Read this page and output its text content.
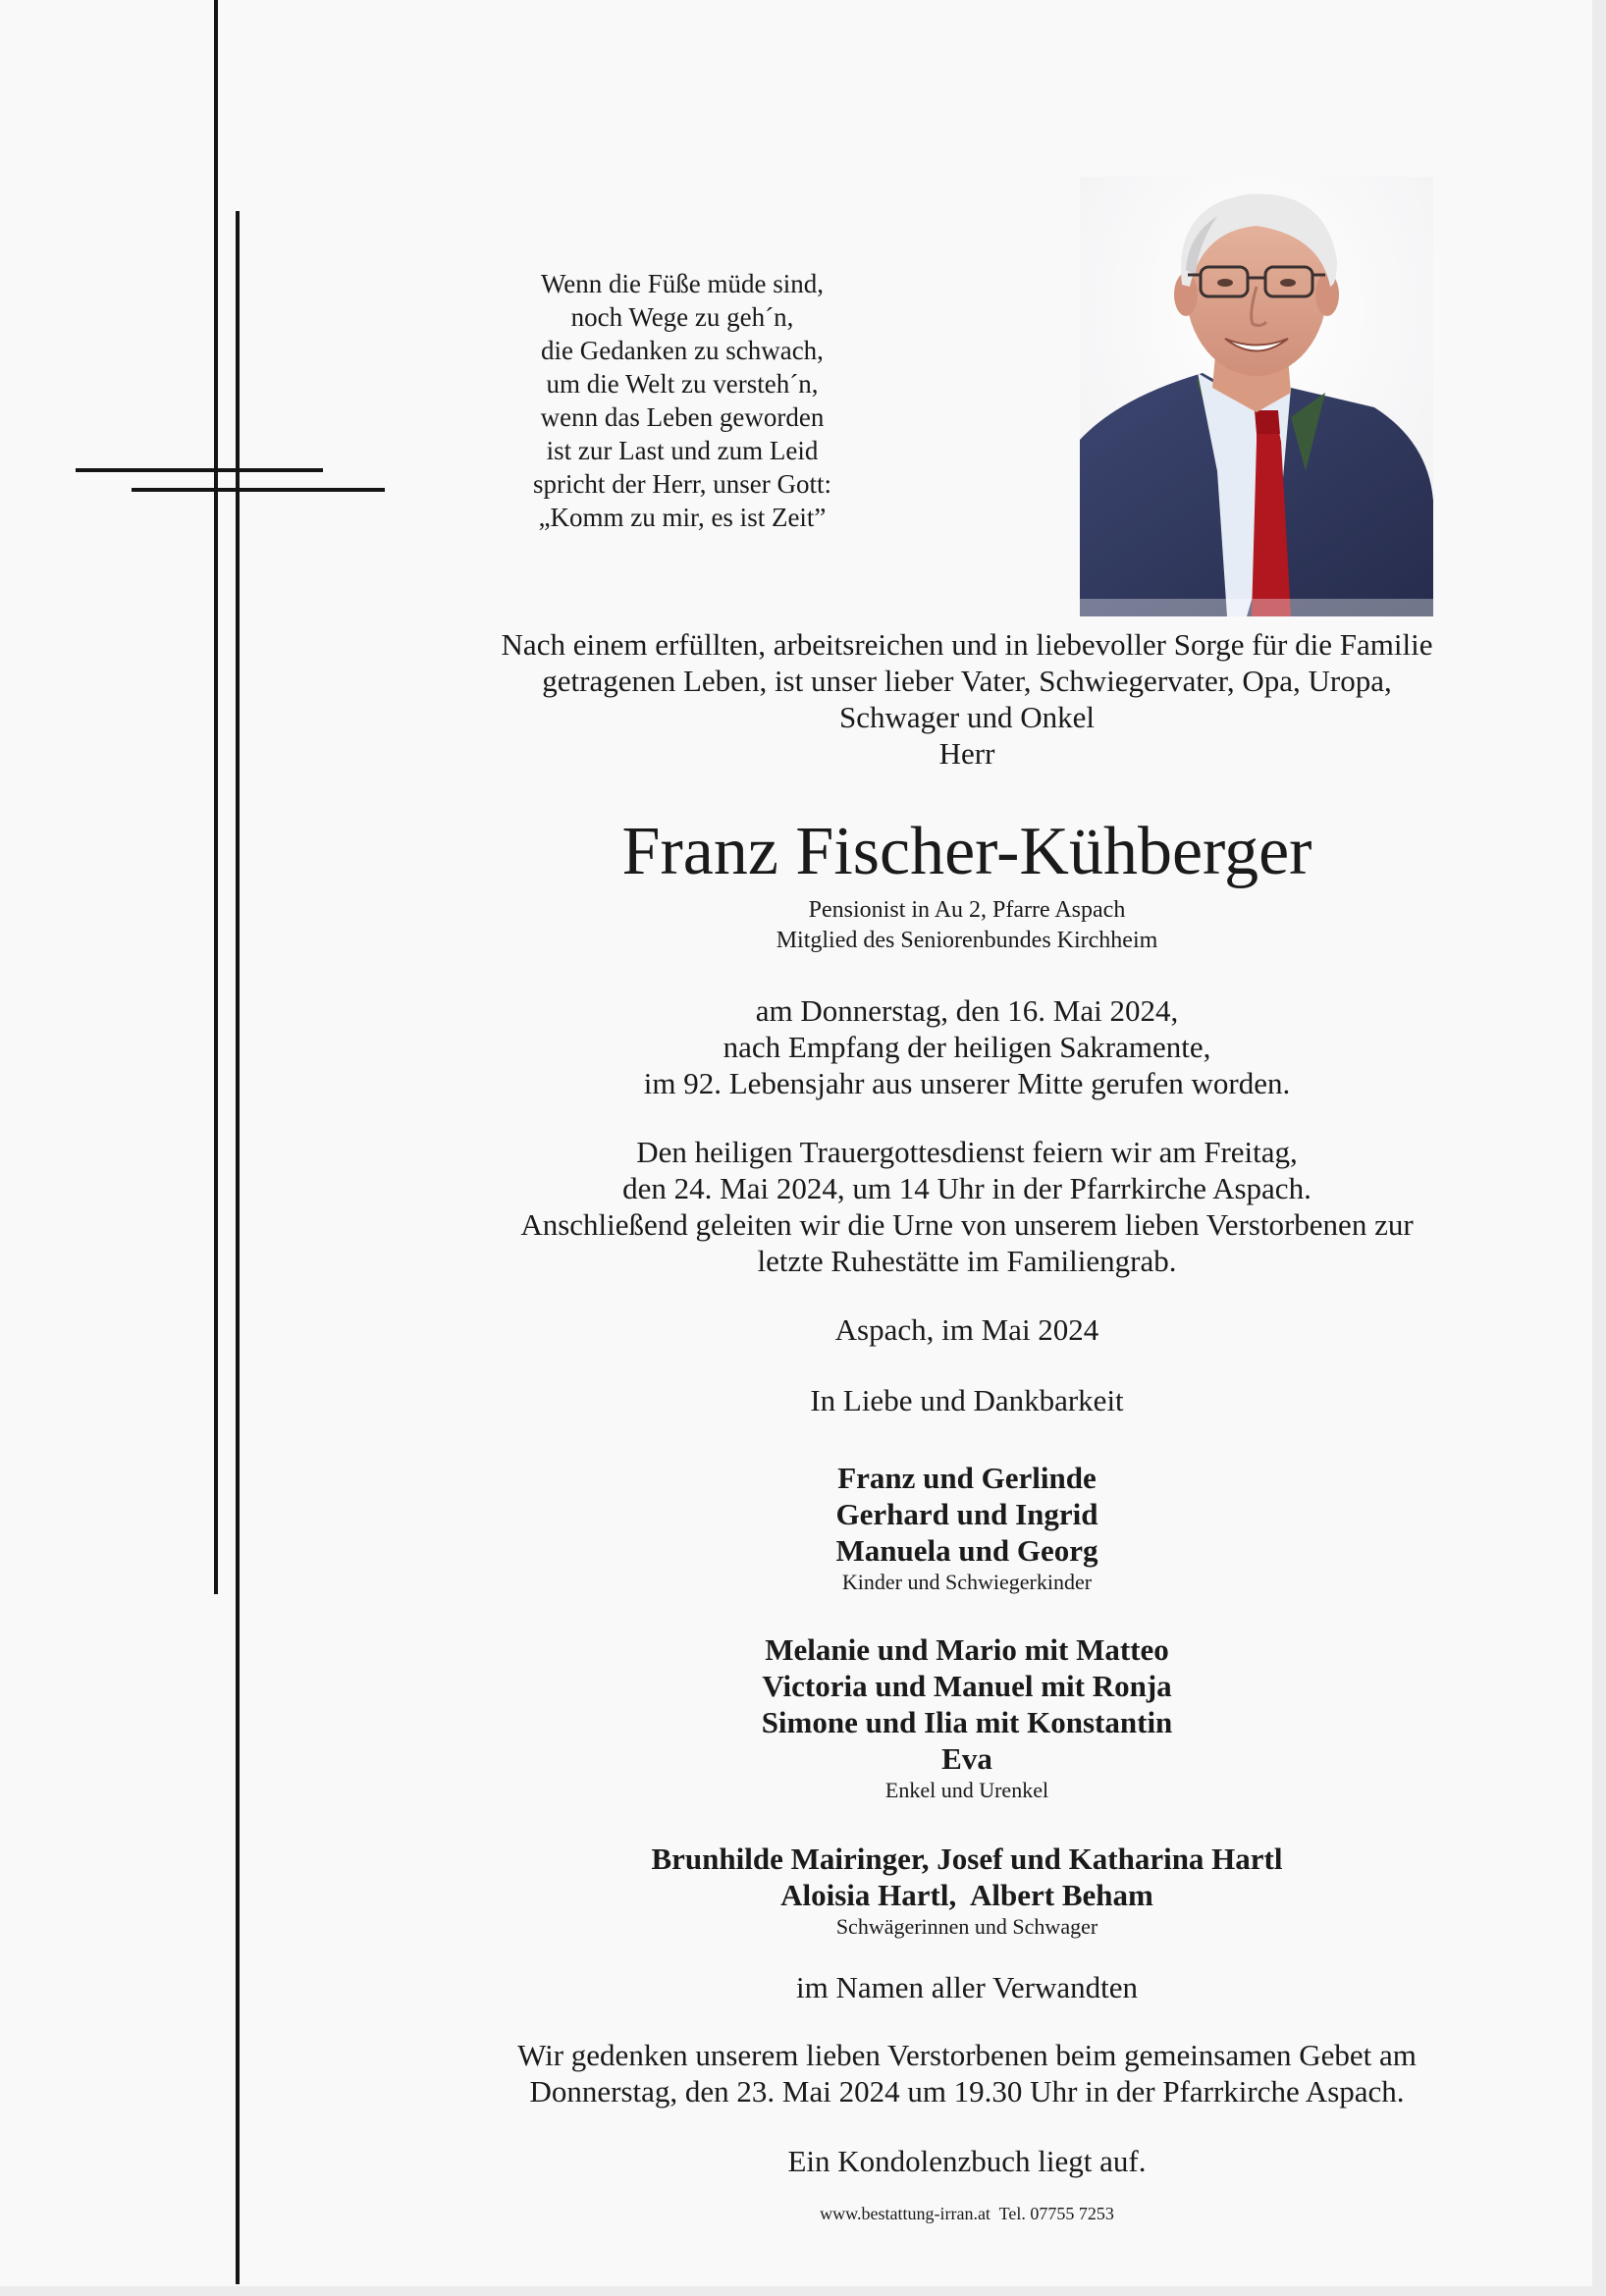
Wenn die Füße müde sind,
noch Wege zu geh´n,
die Gedanken zu schwach,
um die Welt zu versteh´n,
wenn das Leben geworden
ist zur Last und zum Leid
spricht der Herr, unser Gott:
„Komm zu mir, es ist Zeit”
Nach einem erfüllten, arbeitsreichen und in liebevoller Sorge für die Familie
getragenen Leben, ist unser lieber Vater, Schwiegervater, Opa, Uropa,
Schwager und Onkel
Herr
Franz Fischer-Kühberger
Pensionist in Au 2, Pfarre Aspach
Mitglied des Seniorenbundes Kirchheim
am Donnerstag, den 16. Mai 2024,
nach Empfang der heiligen Sakramente,
im 92. Lebensjahr aus unserer Mitte gerufen worden.
Den heiligen Trauergottesdienst feiern wir am Freitag,
den 24. Mai 2024, um 14 Uhr in der Pfarrkirche Aspach.
Anschließend geleiten wir die Urne von unserem lieben Verstorbenen zur
letzte Ruhestätte im Familiengrab.
Aspach, im Mai 2024
In Liebe und Dankbarkeit
Franz und Gerlinde
Gerhard und Ingrid
Manuela und Georg
Kinder und Schwiegerkinder
Melanie und Mario mit Matteo
Victoria und Manuel mit Ronja
Simone und Ilia mit Konstantin
Eva
Enkel und Urenkel
Brunhilde Mairinger, Josef und Katharina Hartl
Aloisia Hartl,  Albert Beham
Schwägerinnen und Schwager
im Namen aller Verwandten
Wir gedenken unserem lieben Verstorbenen beim gemeinsamen Gebet am
Donnerstag, den 23. Mai 2024 um 19.30 Uhr in der Pfarrkirche Aspach.
Ein Kondolenzbuch liegt auf.
www.bestattung-irran.at  Tel. 07755 7253
